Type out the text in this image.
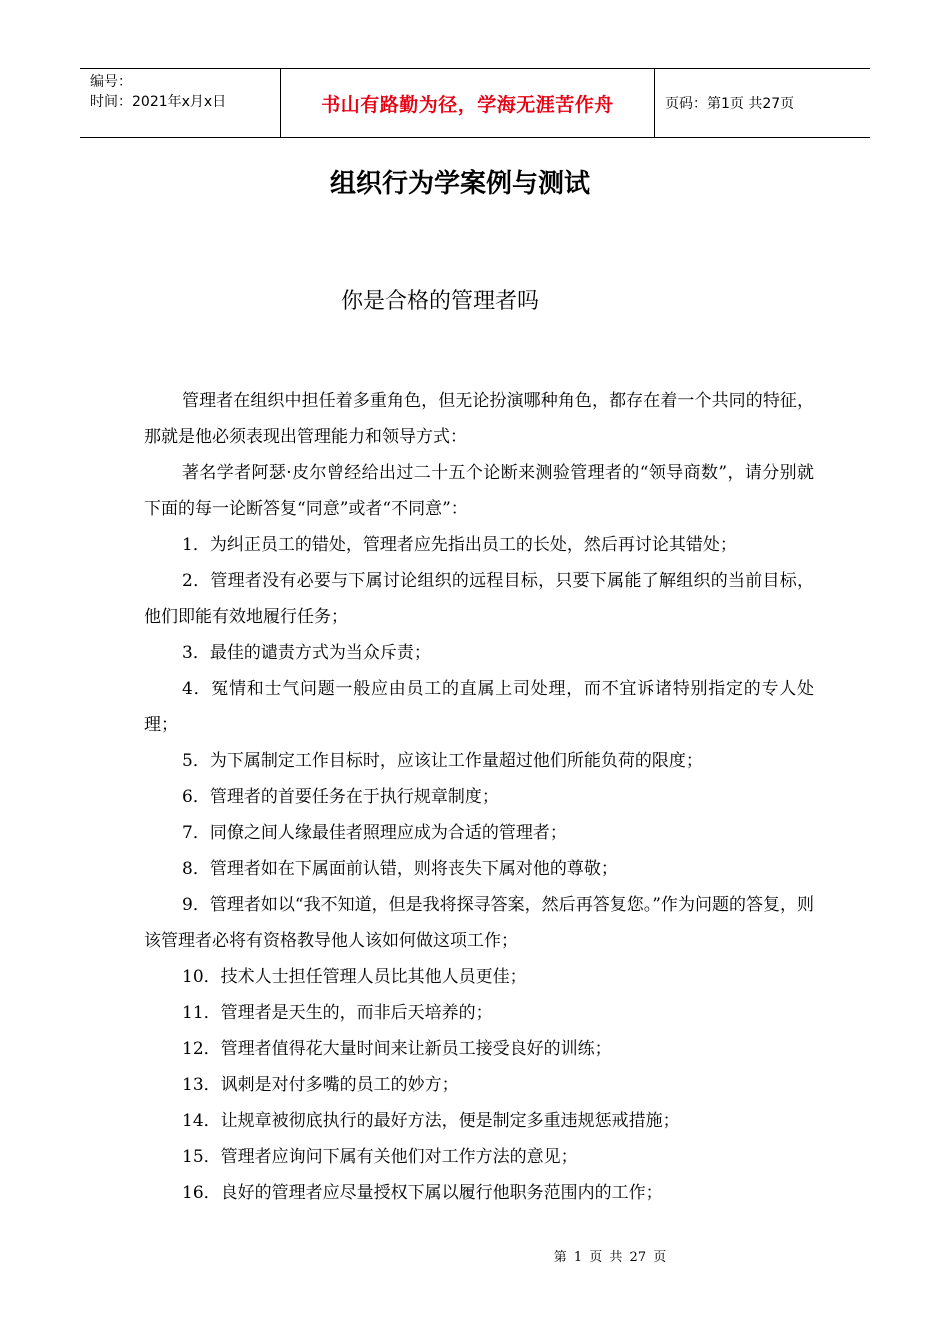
编号：
时间：2021年x月x日	书山有路勤为径，学海无涯苦作舟	页码：第1页 共27页
组织行为学案例与测试
你是合格的管理者吗

管理者在组织中担任着多重角色，但无论扮演哪种角色，都存在着一个共同的特征，那就是他必须表现出管理能力和领导方式：

著名学者阿瑟·皮尔曾经给出过二十五个论断来测验管理者的“领导商数”，请分别就下面的每一论断答复“同意”或者“不同意”：

1．为纠正员工的错处，管理者应先指出员工的长处，然后再讨论其错处；

2．管理者没有必要与下属讨论组织的远程目标，只要下属能了解组织的当前目标，他们即能有效地履行任务；

3．最佳的谴责方式为当众斥责；

4．冤情和士气问题一般应由员工的直属上司处理，而不宜诉诸特别指定的专人处理；

5．为下属制定工作目标时，应该让工作量超过他们所能负荷的限度；

6．管理者的首要任务在于执行规章制度；

7．同僚之间人缘最佳者照理应成为合适的管理者；

8．管理者如在下属面前认错，则将丧失下属对他的尊敬；

9．管理者如以“我不知道，但是我将探寻答案，然后再答复您。”作为问题的答复，则该管理者必将有资格教导他人该如何做这项工作；

10．技术人士担任管理人员比其他人员更佳；

11．管理者是天生的，而非后天培养的；

12．管理者值得花大量时间来让新员工接受良好的训练；

13．讽刺是对付多嘴的员工的妙方；

14．让规章被彻底执行的最好方法，便是制定多重违规惩戒措施；

15．管理者应询问下属有关他们对工作方法的意见；

16．良好的管理者应尽量授权下属以履行他职务范围内的工作；

第 1 页 共 27 页
